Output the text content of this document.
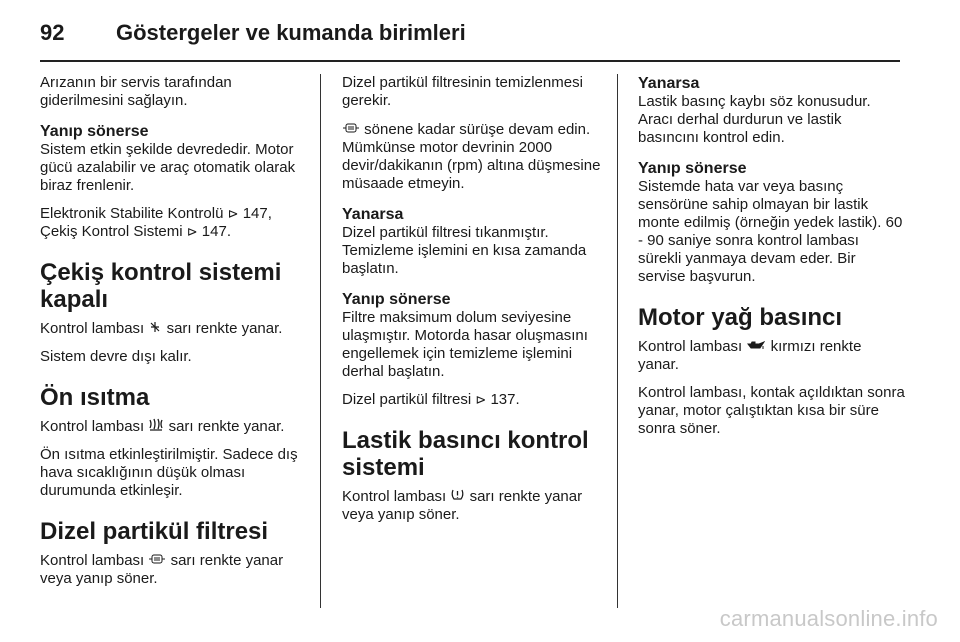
92 Göstergeler ve kumanda birimleri

Arızanın bir servis tarafından giderilmesini sağlayın.

Yanıp sönerse

Sistem etkin şekilde devrededir. Motor gücü azalabilir ve araç otomatik olarak biraz frenlenir.

Elektronik Stabilite Kontrolü ⊳ 147,
Çekiş Kontrol Sistemi ⊳ 147.

Çekiş kontrol sistemi kapalı

Kontrol lambası sarı renkte yanar.

Sistem devre dışı kalır.

Ön ısıtma

Kontrol lambası sarı renkte yanar.

Ön ısıtma etkinleştirilmiştir. Sadece dış hava sıcaklığının düşük olması durumunda etkinleşir.

Dizel partikül filtresi

Kontrol lambası sarı renkte yanar veya yanıp söner.

Dizel partikül filtresinin temizlenmesi gerekir.

sönene kadar sürüşe devam edin. Mümkünse motor devrinin 2000 devir/dakikanın (rpm) altına düşmesine müsaade etmeyin.

Yanarsa

Dizel partikül filtresi tıkanmıştır. Temizleme işlemini en kısa zamanda başlatın.

Yanıp sönerse

Filtre maksimum dolum seviyesine ulaşmıştır. Motorda hasar oluşmasını engellemek için temizleme işlemini derhal başlatın.

Dizel partikül filtresi ⊳ 137.

Lastik basıncı kontrol sistemi

Kontrol lambası sarı renkte yanar veya yanıp söner.

Yanarsa

Lastik basınç kaybı söz konusudur. Aracı derhal durdurun ve lastik basıncını kontrol edin.

Yanıp sönerse

Sistemde hata var veya basınç sensörüne sahip olmayan bir lastik monte edilmiş (örneğin yedek lastik). 60 - 90 saniye sonra kontrol lambası sürekli yanmaya devam eder. Bir servise başvurun.

Motor yağ basıncı

Kontrol lambası kırmızı renkte yanar.

Kontrol lambası, kontak açıldıktan sonra yanar, motor çalıştıktan kısa bir süre sonra söner.

carmanualsonline.info
